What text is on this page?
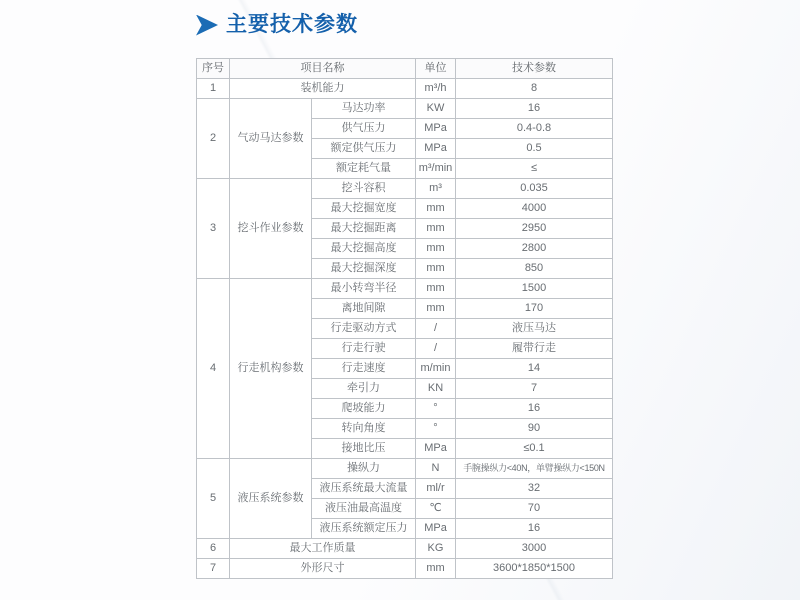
主要技术参数
序号	项目名称		单位	技术参数
1	装机能力		m³/h	8
2	气动马达参数	马达功率	KW	16
		供气压力	MPa	0.4-0.8
		额定供气压力	MPa	0.5
		额定耗气量	m³/min	≤
3	挖斗作业参数	挖斗容积	m³	0.035
		最大挖掘宽度	mm	4000
		最大挖掘距离	mm	2950
		最大挖掘高度	mm	2800
		最大挖掘深度	mm	850
4	行走机构参数	最小转弯半径	mm	1500
		离地间隙	mm	170
		行走驱动方式	/	液压马达
		行走行驶	/	履带行走
		行走速度	m/min	14
		牵引力	KN	7
		爬坡能力	°	16
		转向角度	°	90
		接地比压	MPa	≤0.1
5	液压系统参数	操纵力	N	手腕操纵力<40N，单臂操纵力<150N
		液压系统最大流量	ml/r	32
		液压油最高温度	℃	70
		液压系统额定压力	MPa	16
6	最大工作质量		KG	3000
7	外形尺寸		mm	3600*1850*1500
